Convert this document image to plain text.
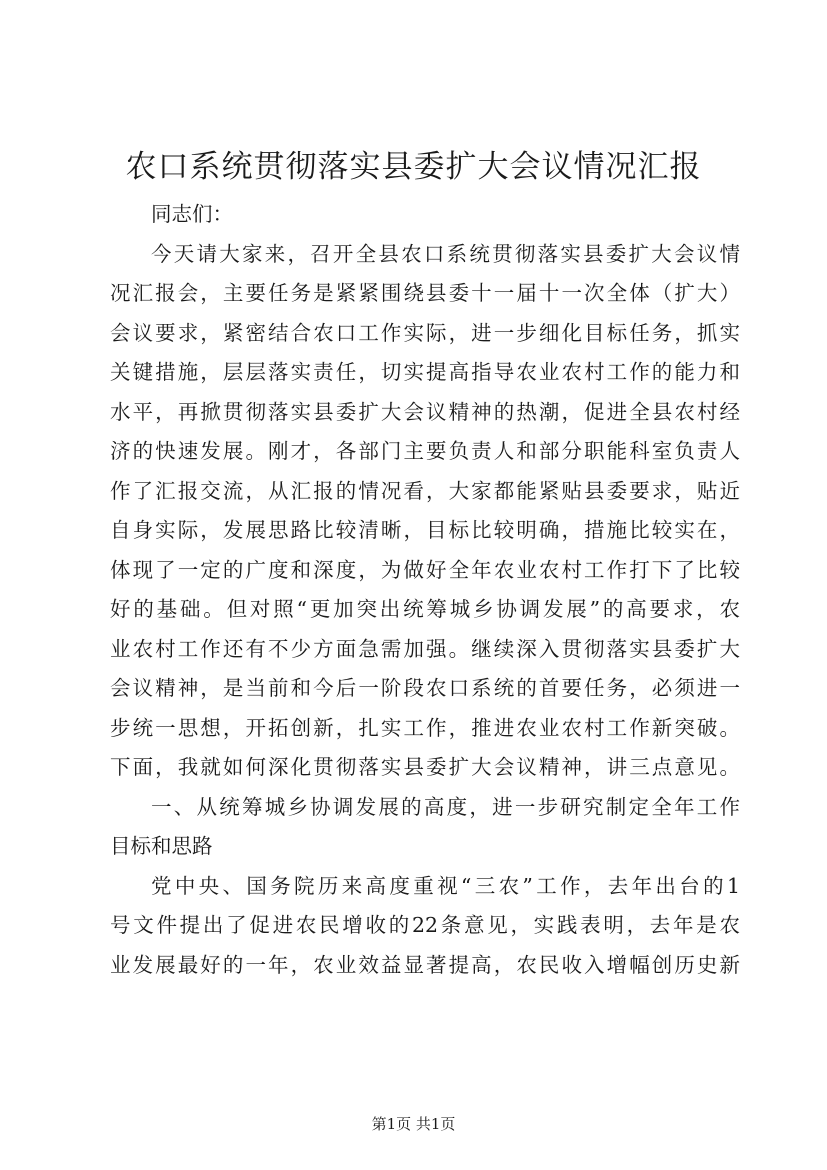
农口系统贯彻落实县委扩大会议情况汇报
同志们：
今天请大家来，召开全县农口系统贯彻落实县委扩大会议情
况汇报会，主要任务是紧紧围绕县委十一届十一次全体（扩大）
会议要求，紧密结合农口工作实际，进一步细化目标任务，抓实
关键措施，层层落实责任，切实提高指导农业农村工作的能力和
水平，再掀贯彻落实县委扩大会议精神的热潮，促进全县农村经
济的快速发展。刚才，各部门主要负责人和部分职能科室负责人
作了汇报交流，从汇报的情况看，大家都能紧贴县委要求，贴近
自身实际，发展思路比较清晰，目标比较明确，措施比较实在，
体现了一定的广度和深度，为做好全年农业农村工作打下了比较
好的基础。但对照“更加突出统筹城乡协调发展”的高要求，农
业农村工作还有不少方面急需加强。继续深入贯彻落实县委扩大
会议精神，是当前和今后一阶段农口系统的首要任务，必须进一
步统一思想，开拓创新，扎实工作，推进农业农村工作新突破。
下面，我就如何深化贯彻落实县委扩大会议精神，讲三点意见。
一、从统筹城乡协调发展的高度，进一步研究制定全年工作
目标和思路
党中央、国务院历来高度重视“三农”工作，去年出台的1
号文件提出了促进农民增收的22条意见，实践表明，去年是农
业发展最好的一年，农业效益显著提高，农民收入增幅创历史新
第1页 共1页
